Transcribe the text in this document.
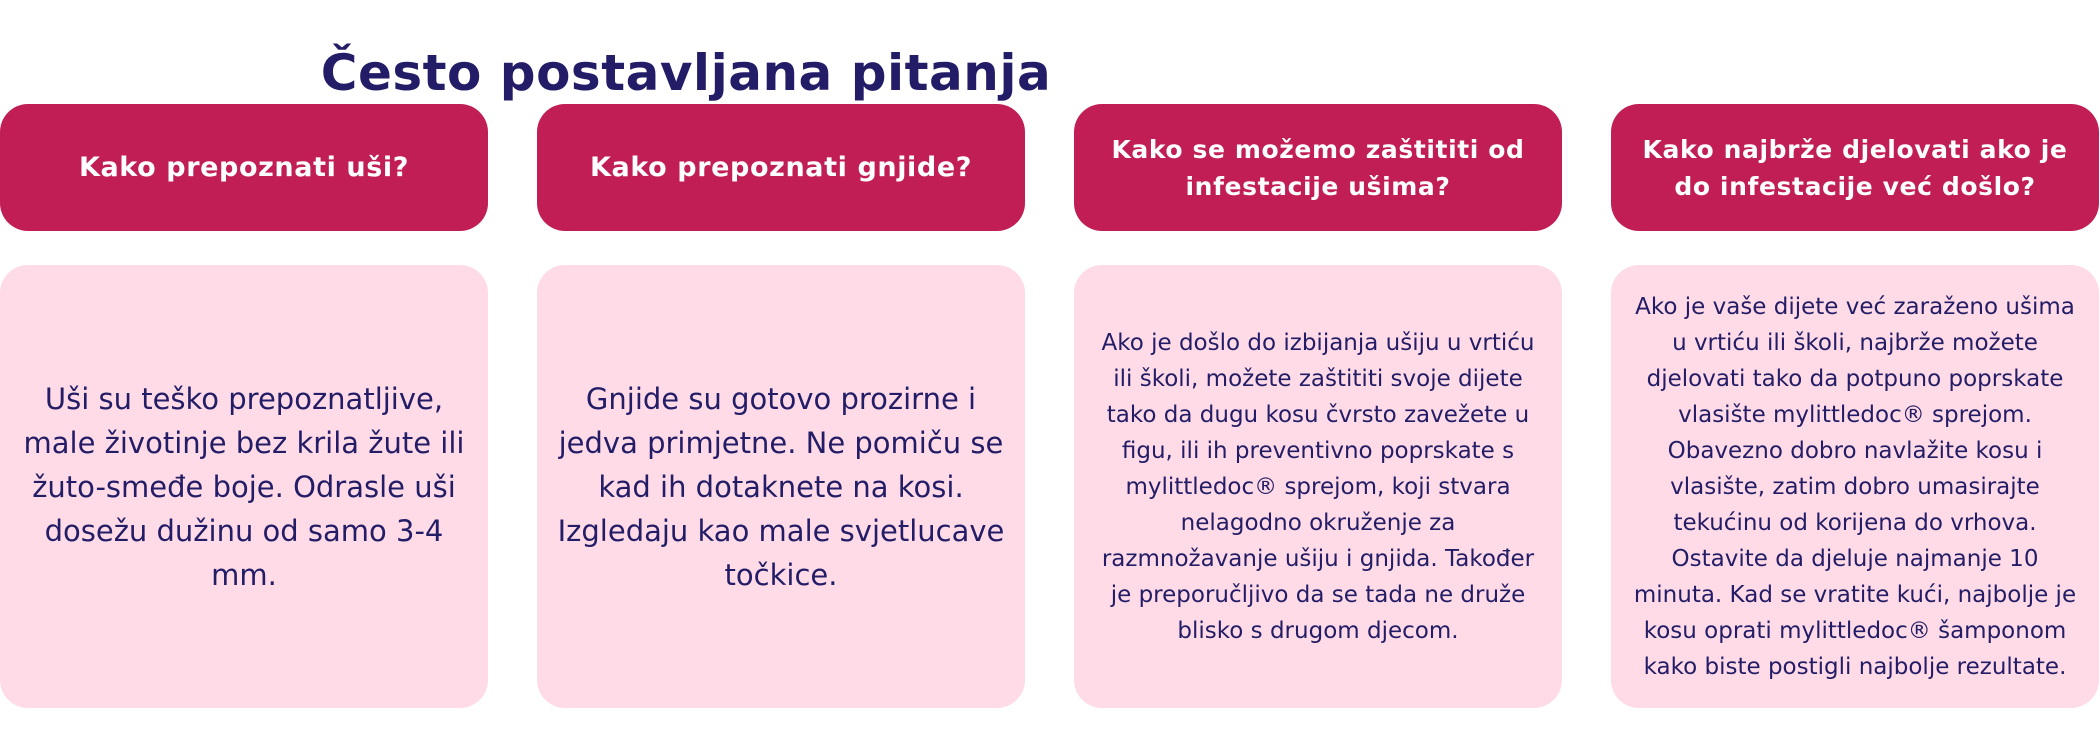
Često postavljana pitanja
Kako prepoznati uši?
Uši su teško prepoznatljive, male životinje bez krila žute ili žuto-smeđe boje. Odrasle uši dosežu dužinu od samo 3-4 mm.
Kako prepoznati gnjide?
Gnjide su gotovo prozirne i jedva primjetne. Ne pomiču se kad ih dotaknete na kosi. Izgledaju kao male svjetlucave točkice.
Kako se možemo zaštititi od infestacije ušima?
Ako je došlo do izbijanja ušiju u vrtiću ili školi, možete zaštititi svoje dijete tako da dugu kosu čvrsto zavežete u figu, ili ih preventivno poprskate s mylittledoc® sprejom, koji stvara nelagodno okruženje za razmnožavanje ušiju i gnjida. Također je preporučljivo da se tada ne druže blisko s drugom djecom.
Kako najbrže djelovati ako je do infestacije već došlo?
Ako je vaše dijete već zaraženo ušima u vrtiću ili školi, najbrže možete djelovati tako da potpuno poprskate vlasište mylittledoc® sprejom. Obavezno dobro navlažite kosu i vlasište, zatim dobro umasirajte tekućinu od korijena do vrhova. Ostavite da djeluje najmanje 10 minuta. Kad se vratite kući, najbolje je kosu oprati mylittledoc® šamponom kako biste postigli najbolje rezultate.
